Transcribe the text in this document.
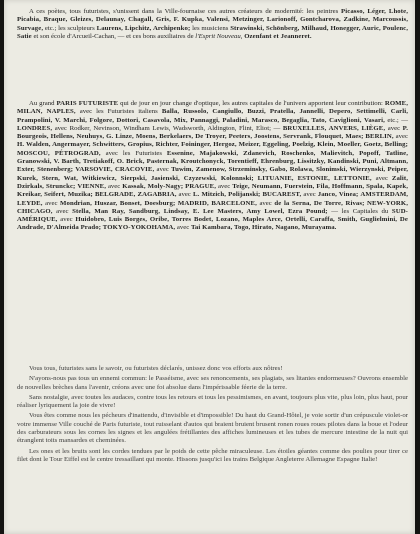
A ces poètes, tous futuristes, s'unissent dans la Ville-fournaise ces autres créateurs de modernité: les peintres Picasso, Léger, Lhote, Picabia, Braque, Gleizes, Delaunay, Chagall, Gris, F. Kupka, Valensi, Metzinger, Larionoff, Gontcharova, Zadkine, Marcoussis, Survage, etc.; les sculpteurs Laurens, Lipchitz, Archipenko; les musiciens Strawinski, Schönberg, Milhaud, Honegger, Auric, Poulenc, Satie et son école d'Arcueil-Cachan, — et ces bons auxiliaires de l'Esprit Nouveau, Ozenfant et Jeanneret.

Au grand PARIS FUTURISTE qui de jour en jour change d'optique, les autres capitales de l'univers apportent leur contribution: ROME, MILAN, NAPLES, avec les Futuristes italiens Balla, Russolo, Cangiullo, Buzzi, Pratella, Jannelli, Depero, Settimelli, Carli, Prampolini, V. Marchi, Folgore, Dottori, Casavola, Mix, Pannaggi, Paladini, Marasco, Begaglia, Tato, Caviglioni, Vasari, etc.; — LONDRES, avec Rodker, Nevinson, Windham Lewis, Wadsworth, Aldington, Flint, Eliot; — BRUXELLES, ANVERS, LIÈGE, avec P. Bourgeois, Hellens, Neuhuys, G. Linze, Moens, Berkelaers, De Troyer, Peeters, Joostens, Servrank, Flouquet, Maes; BERLIN, avec H. Walden, Angermayer, Schwitters, Gropius, Richter, Foininger, Hergoz, Meizer, Eggeling, Poelzig, Klein, Moeller, Goetz, Belling; MOSCOU, PÉTROGRAD, avec les Futuristes Essenine, Majakowski, Zdanevich, Roschenko, Malievitch, Popoff, Tatline, Granowski, V. Barth, Tretiakoff, O. Brick, Pasternak, Kroutchonyck, Torentieff, Ehrenburg, Lissitzky, Kandinski, Puni, Altmann, Exter, Stenenberg; VARSOVIE, CRACOVIE, avec Tuwim, Zamenow, Strzeminsky, Gabo, Rolawa, Slonimski, Wierzynski, Peiper, Kurek, Stern, Wat, Witkiewicz, Sierpski, Jasienski, Czyzewski, Kolonnski; LITUANIE, ESTONIE, LETTONIE, avec Zalit, Dzirkals, Strunckc; VIENNE, avec Kassak, Moly-Nagy; PRAGUE, avec Teige, Neumann, Fuerstein, Fila, Hoffmann, Spala, Kapek, Kreikar, Seifert, Muzika; BELGRADE, ZAGABRIA, avec L. Mitzich, Polijanski; BUCAREST, avec Janco, Vinea; AMSTERDAM, LEYDE, avec Mondrian, Huszar, Bonset, Doesburg; MADRID, BARCELONE, avec de la Serna, De Torre, Rivas; NEW-YORK, CHICAGO, avec Stella, Man Ray, Sandburg, Lindsay, E. Lee Masters, Amy Lowel, Ezra Pound; — les Capitales du SUD-AMÉRIQUE, avec Huidobro, Luis Borges, Oribe, Torres Bodet, Lozano, Maples Arce, Ortelli, Caraffa, Smith, Guglielmini, De Andrade, D'Almeida Prado; TOKYO-YOKOHAMA, avec Tai Kambara, Togo, Hirato, Nagano, Murayama.

Vous tous, futuristes sans le savoir, ou futuristes déclarés, unissez donc vos efforts aux nôtres!

N'ayons-nous pas tous un ennemi commun: le Passéisme, avec ses renoncements, ses plagiats, ses litanies endormeuses? Ouvrons ensemble de nouvelles brèches dans l'avenir, créons avec une foi absolue dans l'impérissable féerie de la terre.

Sans nostalgie, avec toutes les audaces, contre tous les retours et tous les pessimismes, en avant, toujours plus vite, plus loin, plus haut, pour réaliser lyriquement la joie de vivre!

Vous êtes comme nous les pécheurs d'inattendu, d'invisible et d'impossible! Du haut du Grand-Hôtel, je voie sortir d'un crépuscule violet-or votre immense Ville couché de Paris futuriste, tout ruisselant d'autos qui braient bruient brusent ronen roues roues pilotes dans la boue et l'odeur des carburateurs sous les cornes les signes et les angulées frétillantes des affiches lumineuses et les tubes de mercure intestine de la nuit qui étranglent toits mansardes et cheminées.

Les ones et les bruits sont les cordes tendues par le poids de cette pêche miraculeuse. Les étoiles géantes comme des poulies pour tirer ce filet dont le Tour Eiffel est le centre tressaillant qui monte. Hissons jusqu'ici les trains Belgique Angleterre Allemagne Espagne Italie!
